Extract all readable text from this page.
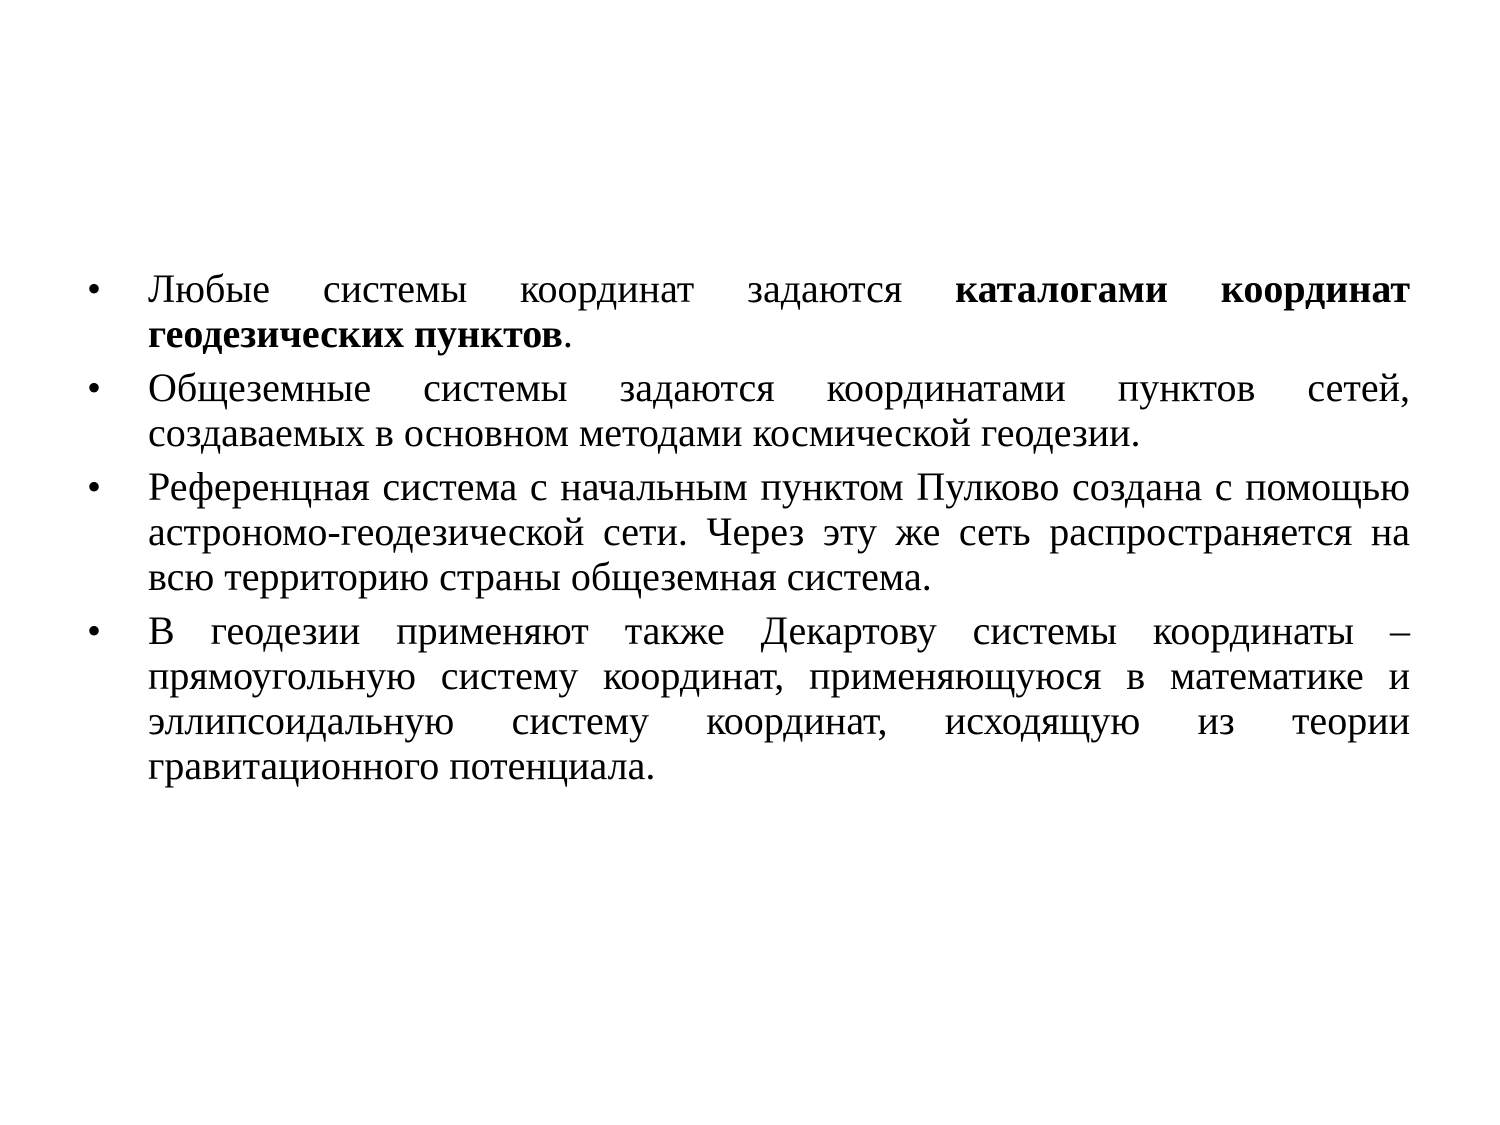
• Любые системы координат задаются каталогами координат геодезических пунктов.
• Общеземные системы задаются координатами пунктов сетей, создаваемых в основном методами космической геодезии.
• Референцная система с начальным пунктом Пулково создана с помощью астрономо-геодезической сети. Через эту же сеть распространяется на всю территорию страны общеземная система.
• В геодезии применяют также Декартову системы координаты – прямоугольную систему координат, применяющуюся в математике и эллипсоидальную систему координат, исходящую из теории гравитационного потенциала.
